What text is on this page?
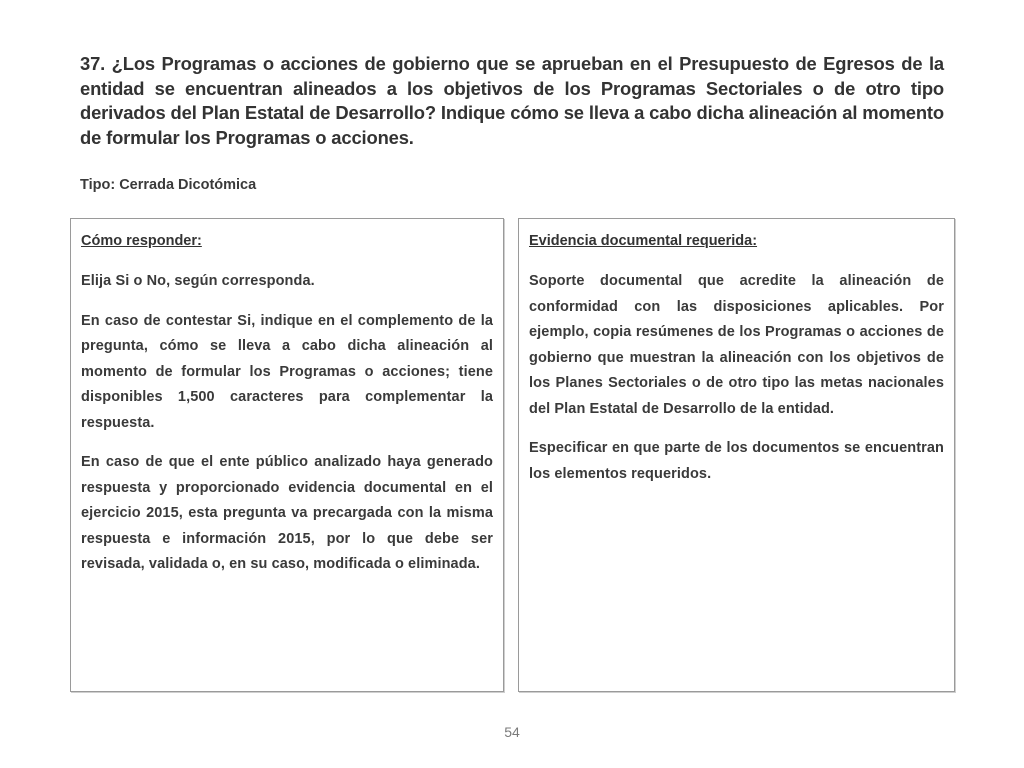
37. ¿Los Programas o acciones de gobierno que se aprueban en el Presupuesto de Egresos de la entidad se encuentran alineados a los objetivos de los Programas Sectoriales o de otro tipo derivados del Plan Estatal de Desarrollo? Indique cómo se lleva a cabo dicha alineación al momento de formular los Programas o acciones.

Tipo: Cerrada Dicotómica

Cómo responder:

Elija Si o No, según corresponda.

En caso de contestar Si, indique en el complemento de la pregunta, cómo se lleva a cabo dicha alineación al momento de formular los Programas o acciones; tiene disponibles 1,500 caracteres para complementar la respuesta.

En caso de que el ente público analizado haya generado respuesta y proporcionado evidencia documental en el ejercicio 2015, esta pregunta va precargada con la misma respuesta e información 2015, por lo que debe ser revisada, validada o, en su caso, modificada o eliminada.

Evidencia documental requerida:

Soporte documental que acredite la alineación de conformidad con las disposiciones aplicables. Por ejemplo, copia resúmenes de los Programas o acciones de gobierno que muestran la alineación con los objetivos de los Planes Sectoriales o de otro tipo las metas nacionales del Plan Estatal de Desarrollo de la entidad.

Especificar en que parte de los documentos se encuentran los elementos requeridos.

54
